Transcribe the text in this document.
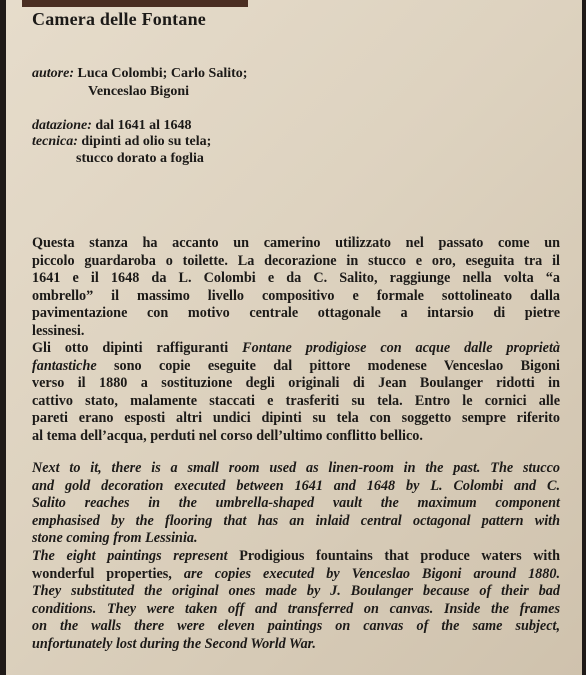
Camera delle Fontane
autore: Luca Colombi; Carlo Salito;
Venceslao Bigoni
datazione: dal 1641 al 1648
tecnica: dipinti ad olio su tela;
stucco dorato a foglia
Questa stanza ha accanto un camerino utilizzato nel passato come un
piccolo guardaroba o toilette. La decorazione in stucco e oro, eseguita tra il
1641 e il 1648 da L. Colombi e da C. Salito, raggiunge nella volta “a
ombrello” il massimo livello compositivo e formale sottolineato dalla
pavimentazione con motivo centrale ottagonale a intarsio di pietre
lessinesi.
Gli otto dipinti raffiguranti Fontane prodigiose con acque dalle proprietà
fantastiche sono copie eseguite dal pittore modenese Venceslao Bigoni
verso il 1880 a sostituzione degli originali di Jean Boulanger ridotti in
cattivo stato, malamente staccati e trasferiti su tela. Entro le cornici alle
pareti erano esposti altri undici dipinti su tela con soggetto sempre riferito
al tema dell’acqua, perduti nel corso dell’ultimo conflitto bellico.
Next to it, there is a small room used as linen-room in the past. The stucco
and gold decoration executed between 1641 and 1648 by L. Colombi and C.
Salito reaches in the umbrella-shaped vault the maximum component
emphasised by the flooring that has an inlaid central octagonal pattern with
stone coming from Lessinia.
The eight paintings represent Prodigious fountains that produce waters with
wonderful properties, are copies executed by Venceslao Bigoni around 1880.
They substituted the original ones made by J. Boulanger because of their bad
conditions. They were taken off and transferred on canvas. Inside the frames
on the walls there were eleven paintings on canvas of the same subject,
unfortunately lost during the Second World War.
